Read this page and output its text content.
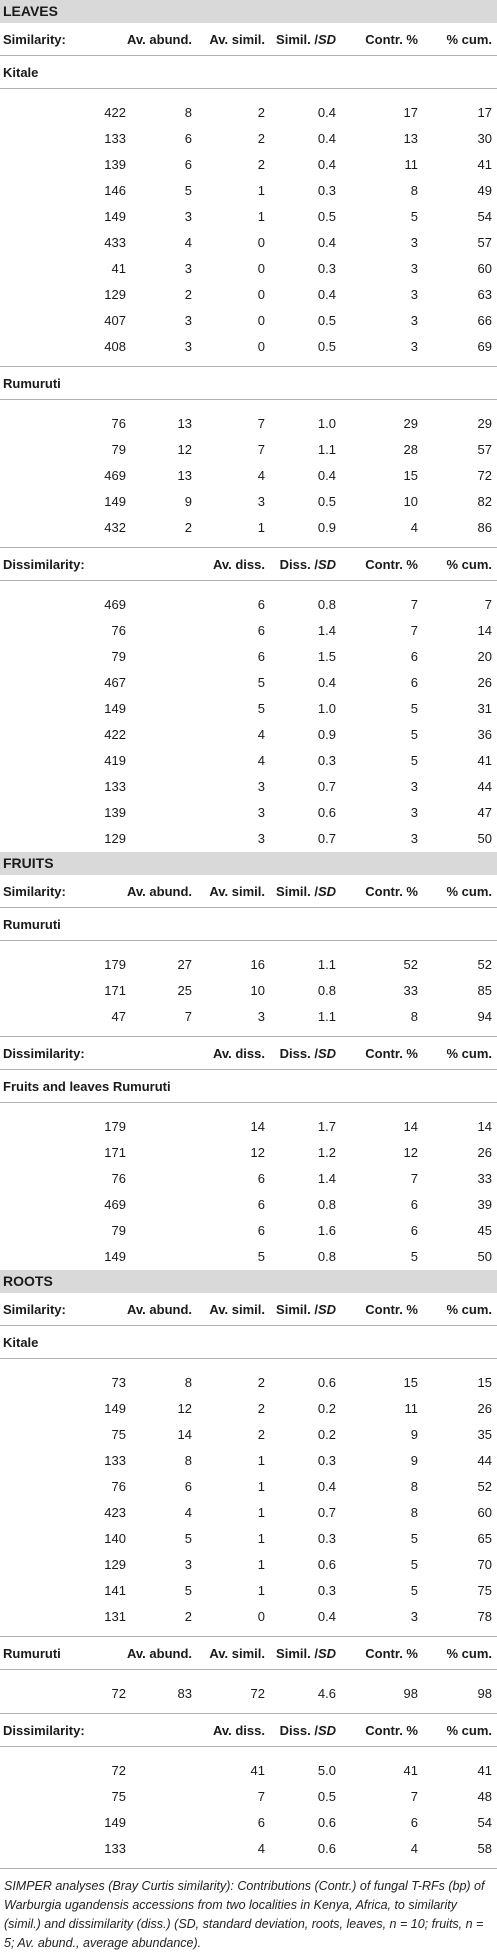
LEAVES
Similarity:	Av. abund. Av. simil. Simil. /SD Contr. % % cum.
Kitale
422	8	2	0.4	17	17
133	6	2	0.4	13	30
139	6	2	0.4	11	41
146	5	1	0.3	8	49
149	3	1	0.5	5	54
433	4	0	0.4	3	57
41	3	0	0.3	3	60
129	2	0	0.4	3	63
407	3	0	0.5	3	66
408	3	0	0.5	3	69
Rumuruti
76	13	7	1.0	29	29
79	12	7	1.1	28	57
469	13	4	0.4	15	72
149	9	3	0.5	10	82
432	2	1	0.9	4	86
Dissimilarity:	Av. diss. Diss. /SD Contr. % % cum.
469	6	0.8	7	7
76	6	1.4	7	14
79	6	1.5	6	20
467	5	0.4	6	26
149	5	1.0	5	31
422	4	0.9	5	36
419	4	0.3	5	41
133	3	0.7	3	44
139	3	0.6	3	47
129	3	0.7	3	50
FRUITS
Similarity:	Av. abund. Av. simil. Simil. /SD Contr. % % cum.
Rumuruti
179	27	16	1.1	52	52
171	25	10	0.8	33	85
47	7	3	1.1	8	94
Dissimilarity:	Av. diss. Diss. /SD Contr. % % cum.
Fruits and leaves Rumuruti
179	14	1.7	14	14
171	12	1.2	12	26
76	6	1.4	7	33
469	6	0.8	6	39
79	6	1.6	6	45
149	5	0.8	5	50
ROOTS
Similarity:	Av. abund. Av. simil. Simil. /SD Contr. % % cum.
Kitale
73	8	2	0.6	15	15
149	12	2	0.2	11	26
75	14	2	0.2	9	35
133	8	1	0.3	9	44
76	6	1	0.4	8	52
423	4	1	0.7	8	60
140	5	1	0.3	5	65
129	3	1	0.6	5	70
141	5	1	0.3	5	75
131	2	0	0.4	3	78
Rumuruti	Av. abund. Av. simil. Simil. /SD Contr. % % cum.
72	83	72	4.6	98	98
Dissimilarity:	Av. diss. Diss. /SD Contr. % % cum.
72	41	5.0	41	41
75	7	0.5	7	48
149	6	0.6	6	54
133	4	0.6	4	58
SIMPER analyses (Bray Curtis similarity): Contributions (Contr.) of fungal T-RFs (bp) of Warburgia ugandensis accessions from two localities in Kenya, Africa, to similarity (simil.) and dissimilarity (diss.) (SD, standard deviation, roots, leaves, n = 10; fruits, n = 5; Av. abund., average abundance).
